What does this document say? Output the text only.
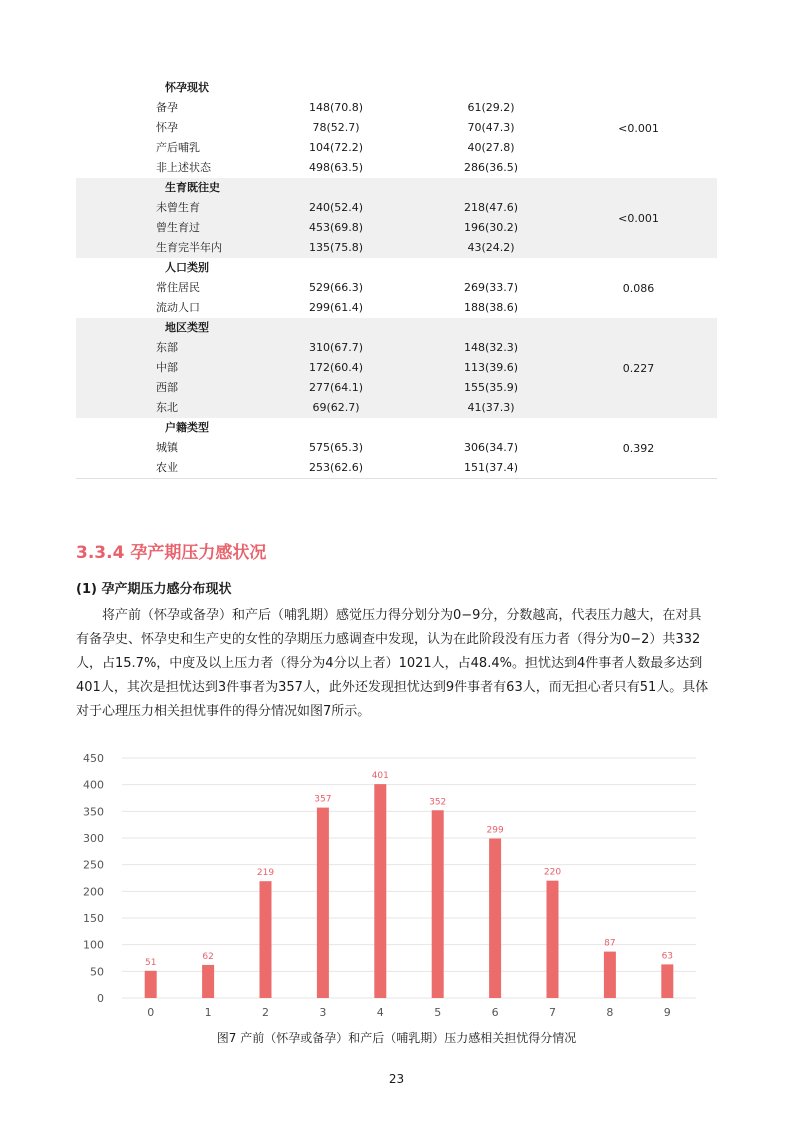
怀孕现状
备孕	148(70.8)	61(29.2)
怀孕	78(52.7)	70(47.3)
产后哺乳	104(72.2)	40(27.8)
非上述状态	498(63.5)	286(36.5)
<0.001
生育既往史
未曾生育	240(52.4)	218(47.6)
曾生育过	453(69.8)	196(30.2)
生育完半年内	135(75.8)	43(24.2)
<0.001
人口类别
常住居民	529(66.3)	269(33.7)
流动人口	299(61.4)	188(38.6)
0.086
地区类型
东部	310(67.7)	148(32.3)
中部	172(60.4)	113(39.6)
西部	277(64.1)	155(35.9)
东北	69(62.7)	41(37.3)
0.227
户籍类型
城镇	575(65.3)	306(34.7)
农业	253(62.6)	151(37.4)
0.392
3.3.4 孕产期压力感状况
(1) 孕产期压力感分布现状
　　将产前（怀孕或备孕）和产后（哺乳期）感觉压力得分划分为0−9分，分数越高，代表压力越大，在对具
有备孕史、怀孕史和生产史的女性的孕期压力感调查中发现，认为在此阶段没有压力者（得分为0−2）共332
人，占15.7%，中度及以上压力者（得分为4分以上者）1021人，占48.4%。担忧达到4件事者人数最多达到
401人，其次是担忧达到3件事者为357人，此外还发现担忧达到9件事者有63人，而无担心者只有51人。具体
对于心理压力相关担忧事件的得分情况如图7所示。
0
50
100
150
200
250
300
350
400
450
51
0
62
1
219
2
357
3
401
4
352
5
299
6
220
7
87
8
63
9
图7 产前（怀孕或备孕）和产后（哺乳期）压力感相关担忧得分情况
23
